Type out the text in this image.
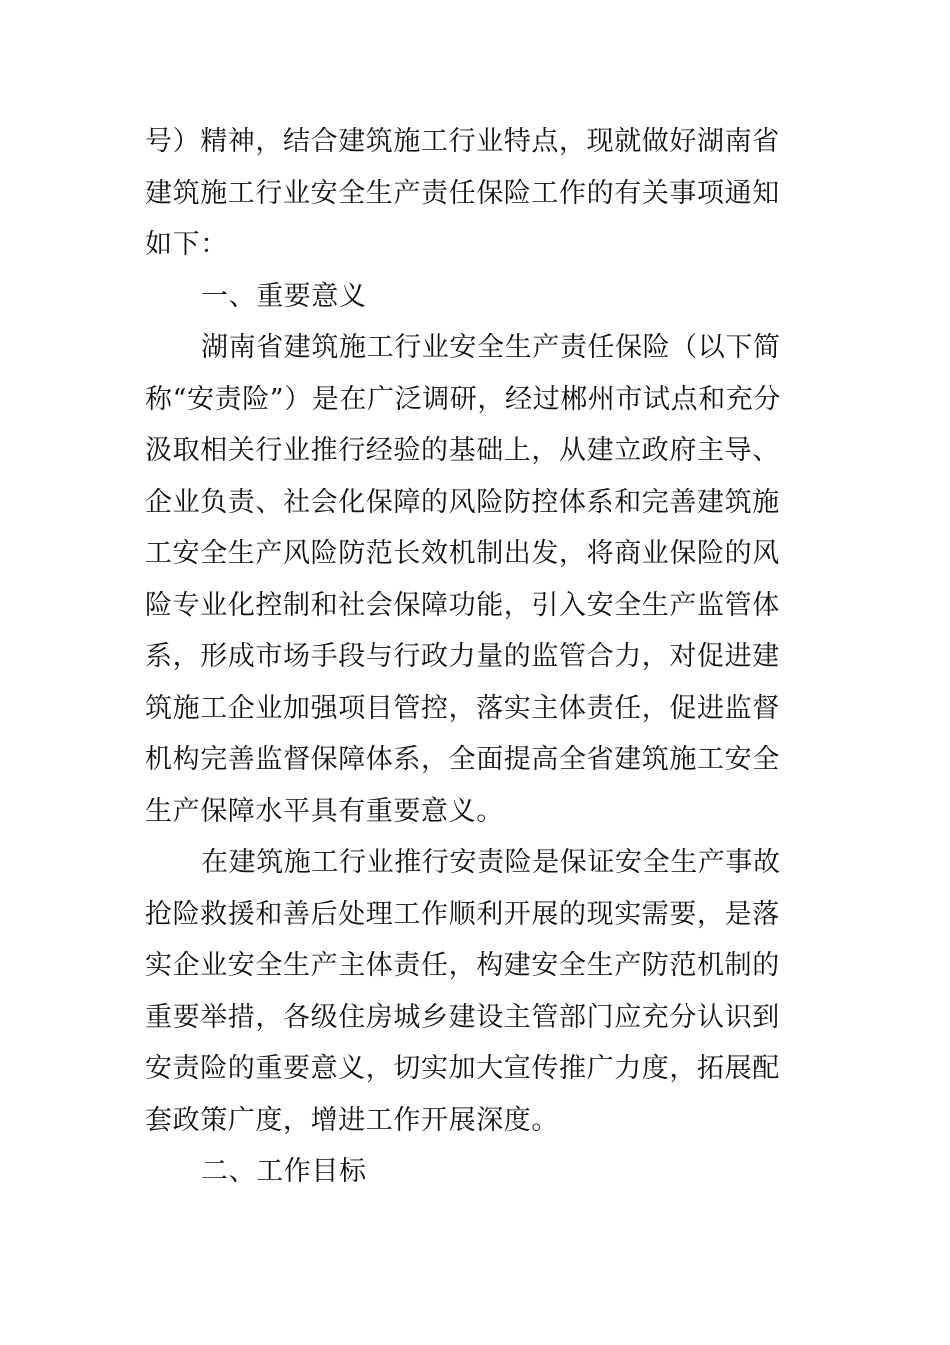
号）精神，结合建筑施工行业特点，现就做好湖南省
建筑施工行业安全生产责任保险工作的有关事项通知
如下：
一、重要意义
湖南省建筑施工行业安全生产责任保险（以下简
称“安责险”）是在广泛调研，经过郴州市试点和充分
汲取相关行业推行经验的基础上，从建立政府主导、
企业负责、社会化保障的风险防控体系和完善建筑施
工安全生产风险防范长效机制出发，将商业保险的风
险专业化控制和社会保障功能，引入安全生产监管体
系，形成市场手段与行政力量的监管合力，对促进建
筑施工企业加强项目管控，落实主体责任，促进监督
机构完善监督保障体系，全面提高全省建筑施工安全
生产保障水平具有重要意义。
在建筑施工行业推行安责险是保证安全生产事故
抢险救援和善后处理工作顺利开展的现实需要，是落
实企业安全生产主体责任，构建安全生产防范机制的
重要举措，各级住房城乡建设主管部门应充分认识到
安责险的重要意义，切实加大宣传推广力度，拓展配
套政策广度，增进工作开展深度。
二、工作目标
